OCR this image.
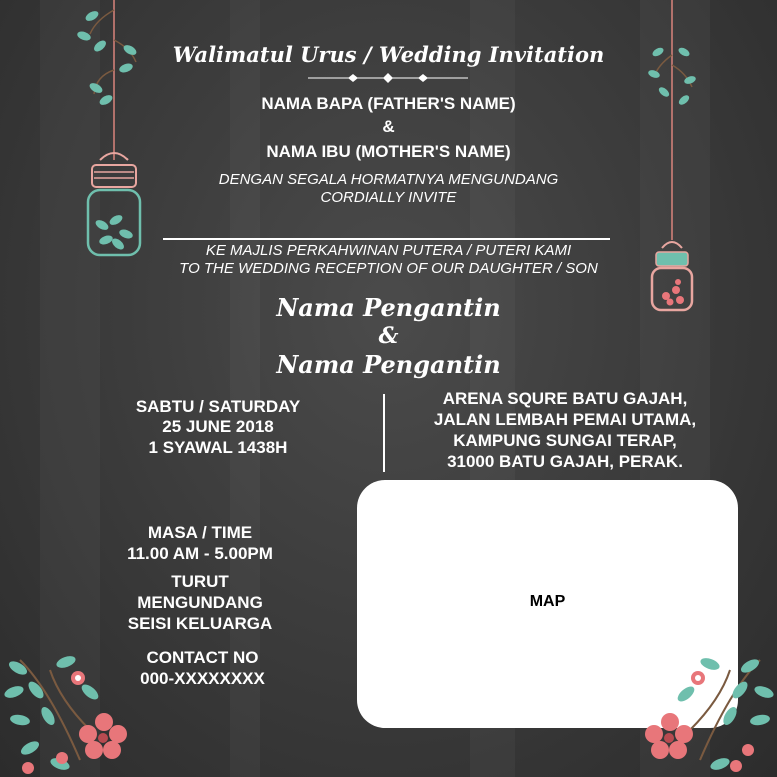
Walimatul Urus / Wedding Invitation
NAMA BAPA (FATHER'S NAME)
&
NAMA IBU (MOTHER'S NAME)
DENGAN SEGALA HORMATNYA MENGUNDANG
CORDIALLY INVITE
KE MAJLIS PERKAHWINAN PUTERA / PUTERI KAMI
TO THE WEDDING RECEPTION OF OUR DAUGHTER / SON
Nama Pengantin
&
Nama Pengantin
SABTU / SATURDAY
25 JUNE 2018
1 SYAWAL 1438H
ARENA SQURE BATU GAJAH,
JALAN LEMBAH PEMAI UTAMA,
KAMPUNG SUNGAI TERAP,
31000 BATU GAJAH, PERAK.
MAP
MASA / TIME
11.00 AM - 5.00PM
TURUT
MENGUNDANG
SEISI KELUARGA
CONTACT NO
000-XXXXXXXX
